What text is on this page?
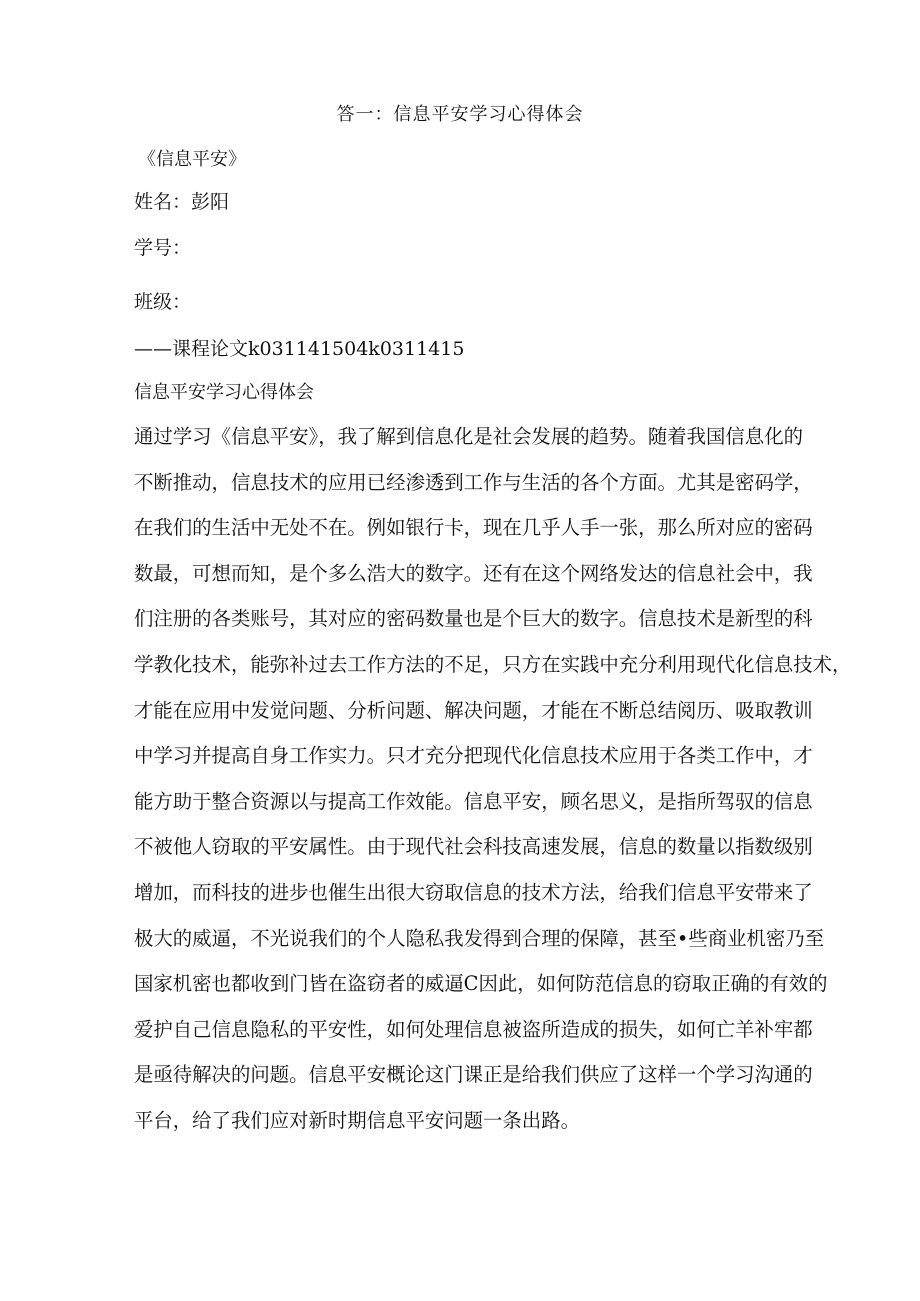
答一：信息平安学习心得体会
《信息平安》
姓名：彭阳
学号：
班级：
——课程论文k031141504k0311415
信息平安学习心得体会
通过学习《信息平安》，我了解到信息化是社会发展的趋势。随着我国信息化的
不断推动，信息技术的应用已经渗透到工作与生活的各个方面。尤其是密码学，
在我们的生活中无处不在。例如银行卡，现在几乎人手一张，那么所对应的密码
数最，可想而知，是个多么浩大的数字。还有在这个网络发达的信息社会中，我
们注册的各类账号，其对应的密码数量也是个巨大的数字。信息技术是新型的科
学教化技术，能弥补过去工作方法的不足，只方在实践中充分利用现代化信息技术，
才能在应用中发觉问题、分析问题、解决问题，才能在不断总结阅历、吸取教训
中学习并提高自身工作实力。只才充分把现代化信息技术应用于各类工作中，才
能方助于整合资源以与提高工作效能。信息平安，顾名思义，是指所驾驭的信息
不被他人窃取的平安属性。由于现代社会科技高速发展，信息的数量以指数级别
增加，而科技的进步也催生出很大窃取信息的技术方法，给我们信息平安带来了
极大的威逼，不光说我们的个人隐私我发得到合理的保障，甚至•些商业机密乃至
国家机密也都收到门皆在盗窃者的威逼C因此，如何防范信息的窃取正确的有效的
爱护自己信息隐私的平安性，如何处理信息被盗所造成的损失，如何亡羊补牢都
是亟待解决的问题。信息平安概论这门课正是给我们供应了这样一个学习沟通的
平台，给了我们应对新时期信息平安问题一条出路。
